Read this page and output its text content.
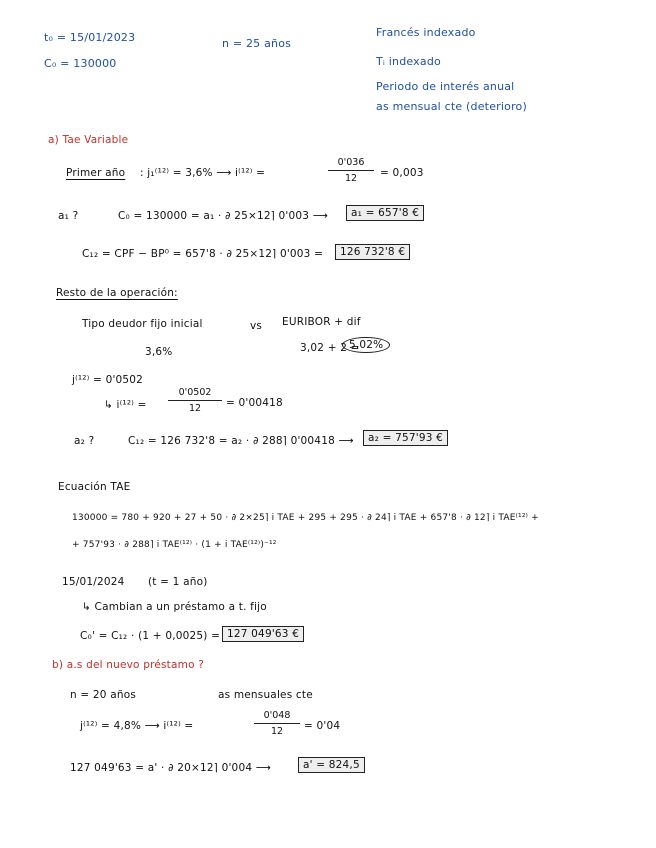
t₀ = 15/01/2023
C₀ = 130000
n = 25 años
Francés indexado
Tᵢ indexado
Periodo de interés anual
as mensual cte (deterioro)
a) Tae Variable
Primer año : j₁⁽¹²⁾ = 3,6% ⟶ i⁽¹²⁾ =	$\frac{0'036}{12} = 0,003$
a₁ ?	C₀ = 130000 = a₁ · ∂ 25×12⌉ 0'003 ⟶	a₁ = 657'8 €
C₁₂ = CPF − BP⁰ = 657'8 · ∂ 25×12⌉ 0'003 =	126 732'8 €
Resto de la operación:
Tipo deudor fijo inicial	vs EURIBOR + dif
3,6%	3,02 + 2 =
5,02%
j⁽¹²⁾ = 0'0502
↳ $i^{(12)} = \frac{0'0502}{12} = 0'00418$
a₂ ?	C₁₂ = 126 732'8 = a₂ · ∂ 288⌉ 0'00418 ⟶	a₂ = 757'93 €
Ecuación TAE
130000 = 780 + 920 + 27 + 50 · ∂ 2×25⌉ i TAE + 295 + 295 · ∂ 24⌉ i TAE + 657'8 · ∂ 12⌉ i TAE⁽¹²⁾ +
+ 757'93 · ∂ 288⌉ i TAE⁽¹²⁾ · (1 + i TAE⁽¹²⁾)⁻¹²
15/01/2024 (t = 1 año)
↳ Cambian a un préstamo a t. fijo
C₀' = C₁₂ · (1 + 0,0025) = 127 049'63 €
b) a.s del nuevo préstamo ?
n = 20 años	as mensuales cte
j⁽¹²⁾ = 4,8% ⟶ i⁽¹²⁾ =	$\frac{0'048}{12} = 0'04$
127 049'63 = a' · ∂ 20×12⌉ 0'004 ⟶	a' = 824,5
